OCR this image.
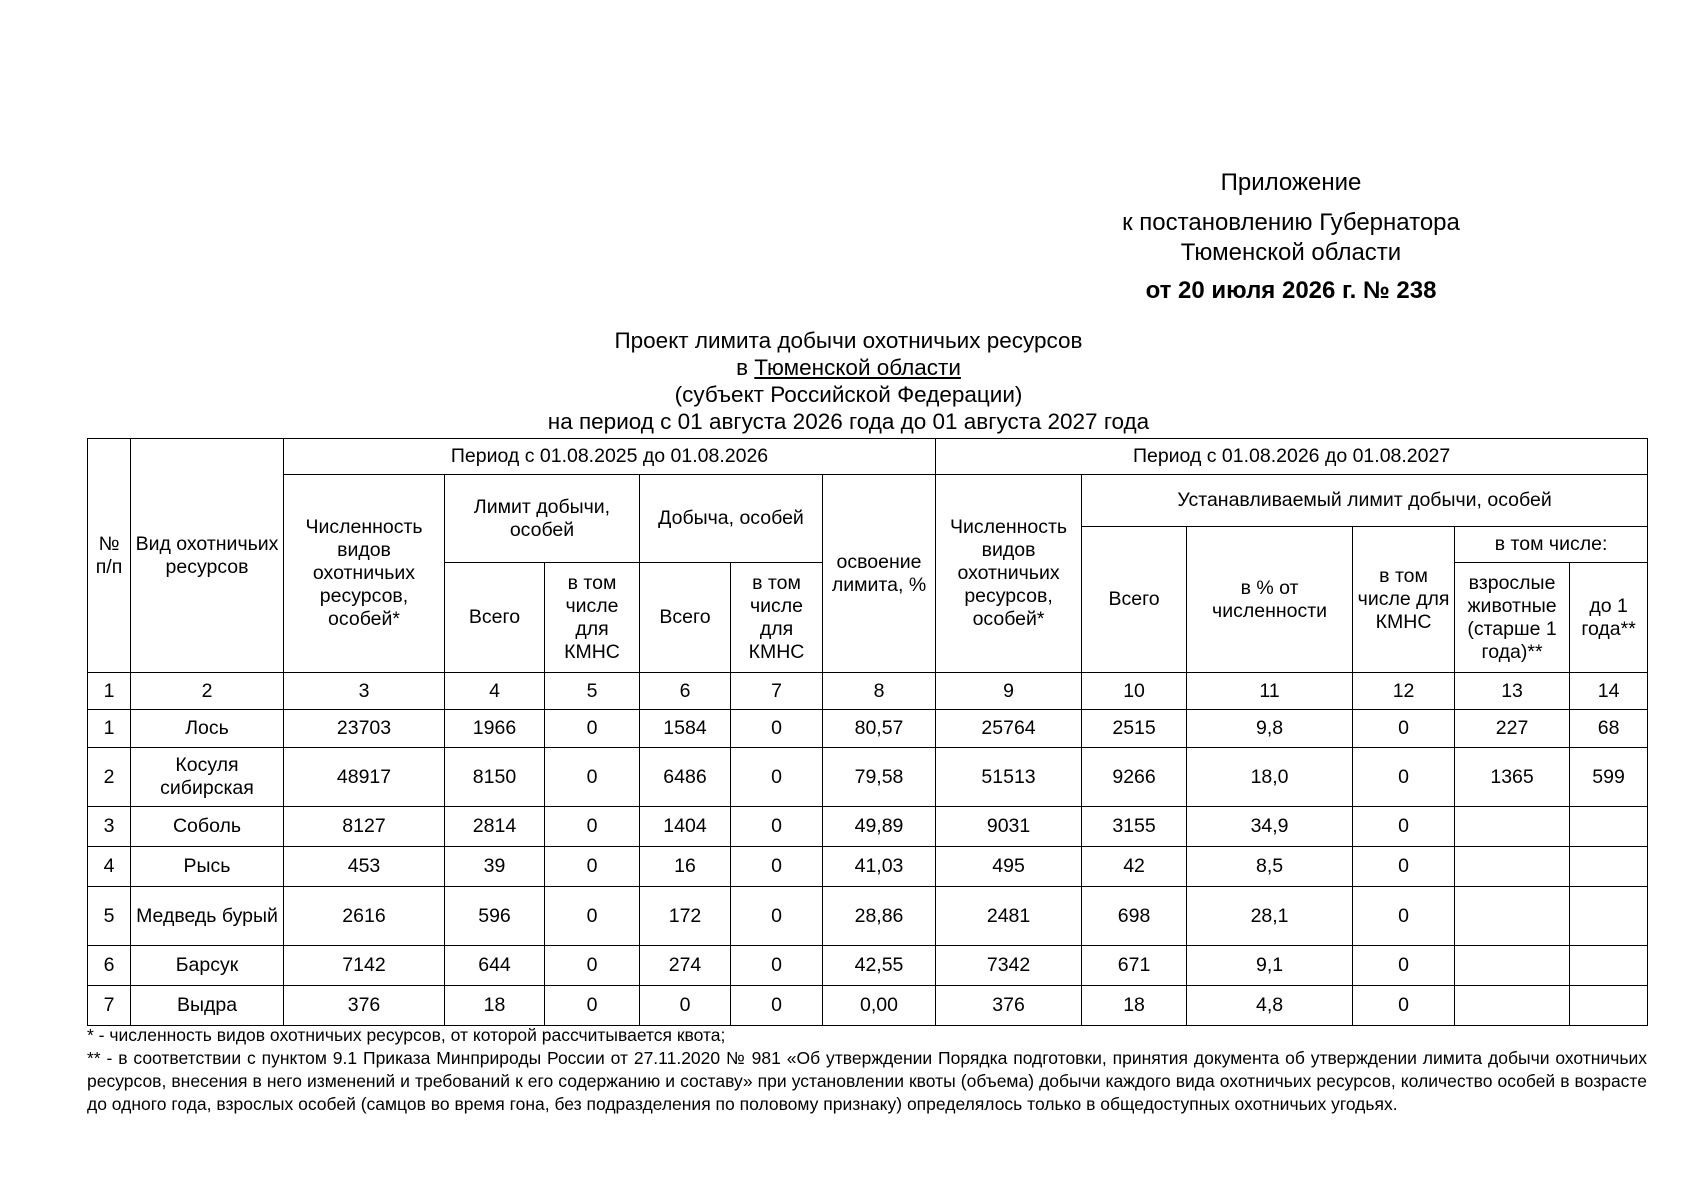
Приложение
к постановлению Губернатора
Тюменской области
от 20 июля 2026 г. № 238
Проект лимита добычи охотничьих ресурсов
в Тюменской области
(субъект Российской Федерации)
на период с 01 августа 2026 года до 01 августа 2027 года
№ п/п	Вид охотничьих ресурсов	Период с 01.08.2025 до 01.08.2026						Период с 01.08.2026 до 01.08.2027					
		Численность видов охотничьих ресурсов, особей*	Лимит добычи, особей		Добыча, особей		освоение лимита, %	Численность видов охотничьих ресурсов, особей*	Устанавливаемый лимит добычи, особей				
									Всего	в % от численности	в том числе для КМНС	в том числе:	
			Всего	в том числе для КМНС	Всего	в том числе для КМНС						взрослые животные (старше 1 года)**	до 1 года**
1	2	3	4	5	6	7	8	9	10	11	12	13	14
1	Лось	23703	1966	0	1584	0	80,57	25764	2515	9,8	0	227	68
2	Косуля сибирская	48917	8150	0	6486	0	79,58	51513	9266	18,0	0	1365	599
3	Соболь	8127	2814	0	1404	0	49,89	9031	3155	34,9	0		
4	Рысь	453	39	0	16	0	41,03	495	42	8,5	0		
5	Медведь бурый	2616	596	0	172	0	28,86	2481	698	28,1	0		
6	Барсук	7142	644	0	274	0	42,55	7342	671	9,1	0		
7	Выдра	376	18	0	0	0	0,00	376	18	4,8	0		
* - численность видов охотничьих ресурсов, от которой рассчитывается квота;
** - в соответствии с пунктом 9.1 Приказа Минприроды России от 27.11.2020 № 981 «Об утверждении Порядка подготовки, принятия документа об утверждении лимита добычи охотничьих ресурсов, внесения в него изменений и требований к его содержанию и составу» при установлении квоты (объема) добычи каждого вида охотничьих ресурсов, количество особей в возрасте до одного года, взрослых особей (самцов во время гона, без подразделения по половому признаку) определялось только в общедоступных охотничьих угодьях.
